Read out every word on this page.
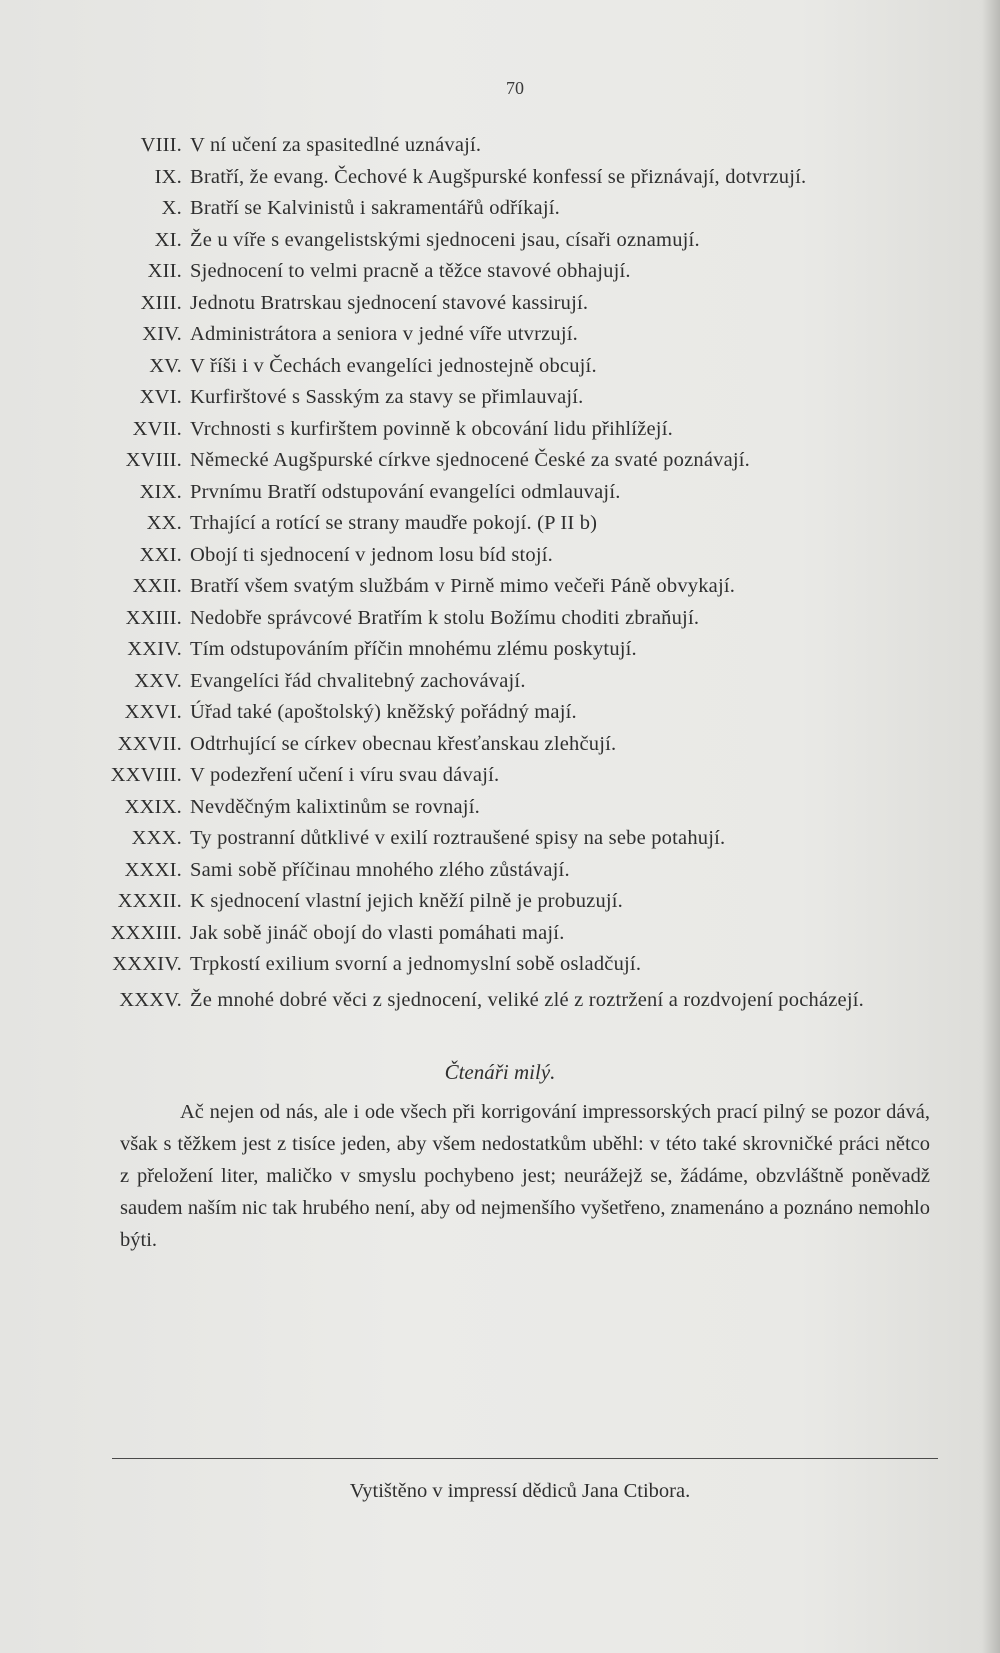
70
VIII. V ní učení za spasitedlné uznávají.
IX. Bratří, že evang. Čechové k Augšpurské konfessí se přiznávají, dotvrzují.
X. Bratří se Kalvinistů i sakramentářů odříkají.
XI. Že u víře s evangelistskými sjednoceni jsau, císaři oznamují.
XII. Sjednocení to velmi pracně a těžce stavové obhajují.
XIII. Jednotu Bratrskau sjednocení stavové kassirují.
XIV. Administrátora a seniora v jedné víře utvrzují.
XV. V říši i v Čechách evangelíci jednostejně obcují.
XVI. Kurfirštové s Sasským za stavy se přimlauvají.
XVII. Vrchnosti s kurfirštem povinně k obcování lidu přihlížejí.
XVIII. Německé Augšpurské církve sjednocené České za svaté poznávají.
XIX. Prvnímu Bratří odstupování evangelíci odmlauvají.
XX. Trhající a rotící se strany maudře pokojí. (P II b)
XXI. Obojí ti sjednocení v jednom losu bíd stojí.
XXII. Bratří všem svatým službám v Pirně mimo večeři Páně obvykají.
XXIII. Nedobře správcové Bratřím k stolu Božímu choditi zbraňují.
XXIV. Tím odstupováním příčin mnohému zlému poskytují.
XXV. Evangelíci řád chvalitebný zachovávají.
XXVI. Úřad také (apoštolský) kněžský pořádný mají.
XXVII. Odtrhující se církev obecnau křesťanskau zlehčují.
XXVIII. V podezření učení i víru svau dávají.
XXIX. Nevděčným kalixtinům se rovnají.
XXX. Ty postranní důtklivé v exilí roztraušené spisy na sebe potahují.
XXXI. Sami sobě příčinau mnohého zlého zůstávají.
XXXII. K sjednocení vlastní jejich kněží pilně je probuzují.
XXXIII. Jak sobě jináč obojí do vlasti pomáhati mají.
XXXIV. Trpkostí exilium svorní a jednomyslní sobě osladčují.
XXXV. Že mnohé dobré věci z sjednocení, veliké zlé z roztržení a rozdvojení pocházejí.
Čtenáři milý.
Ač nejen od nás, ale i ode všech při korrigování impressorských prací pilný se pozor dává, však s těžkem jest z tisíce jeden, aby všem nedostatkům uběhl: v této také skrovničké práci nětco z přeložení liter, maličko v smyslu pochybeno jest; neurážejž se, žádáme, obzvláštně poněvadž saudem naším nic tak hrubého není, aby od nejmenšího vyšetřeno, znamenáno a poznáno nemohlo býti.
Vytištěno v impressí dědiců Jana Ctibora.
